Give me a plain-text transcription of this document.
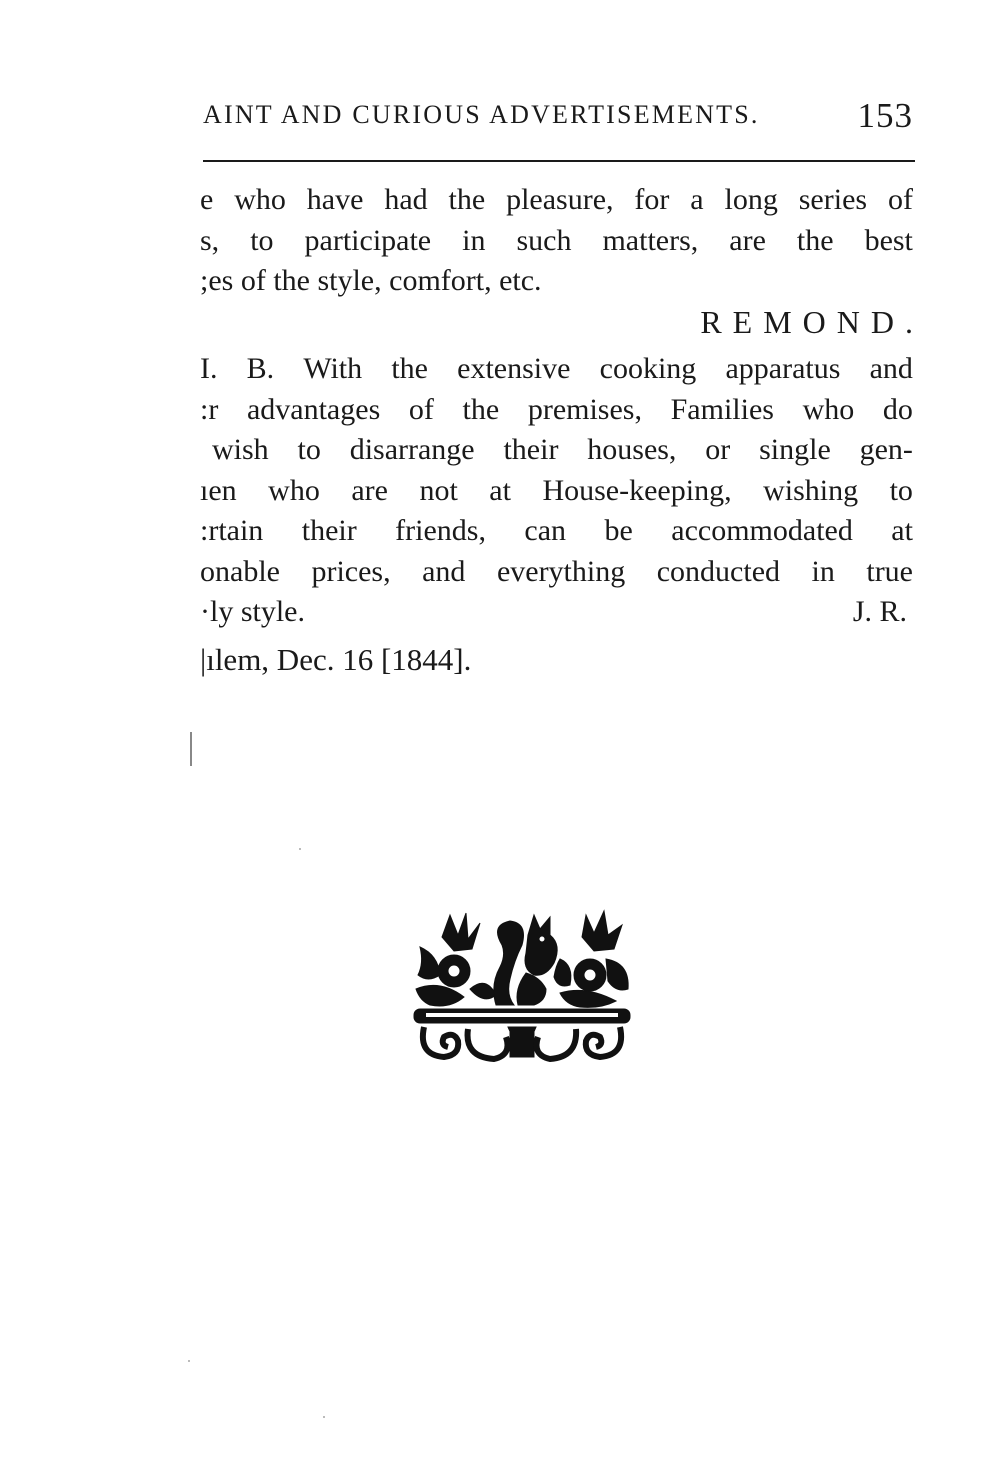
AINT AND CURIOUS ADVERTISEMENTS.	153
e who have had the pleasure, for a long series of
s, to participate in such matters, are the best
;es of the style, comfort, etc.
REMOND.
I. B. With the extensive cooking apparatus and
:r advantages of the premises, Families who do
wish to disarrange their houses, or single gen-
ıen who are not at House-keeping, wishing to
:rtain their friends, can be accommodated at
onable prices, and everything conducted in true
·ly style.	J. R.
|ılem, Dec. 16 [1844].
